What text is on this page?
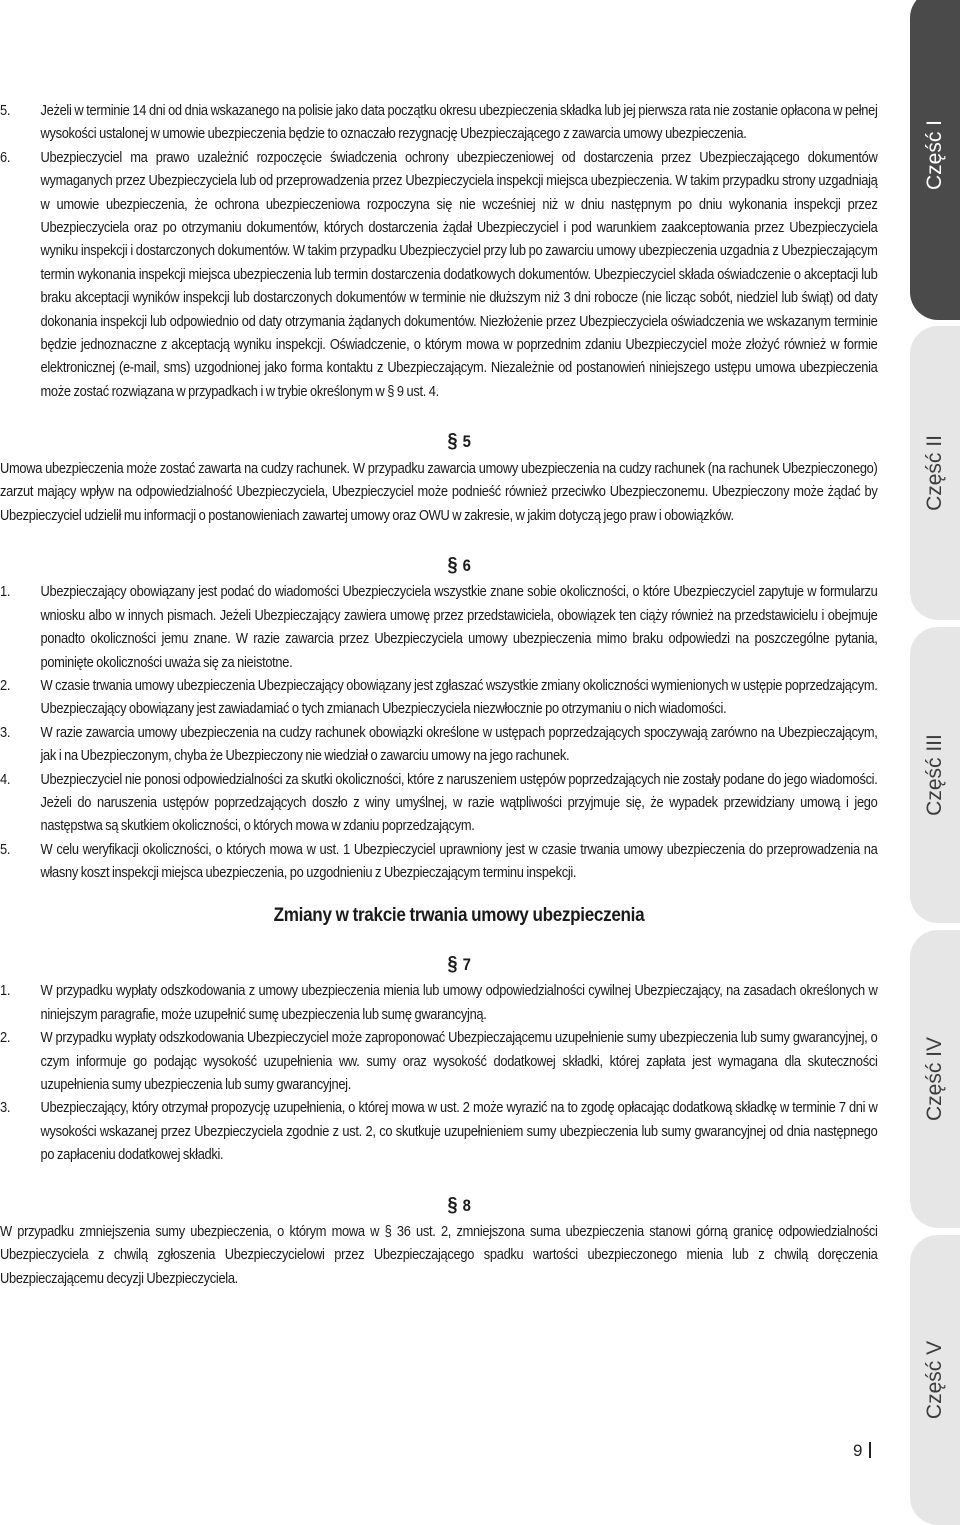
5. Jeżeli w terminie 14 dni od dnia wskazanego na polisie jako data początku okresu ubezpieczenia składka lub jej pierwsza rata nie zostanie opłacona w pełnej wysokości ustalonej w umowie ubezpieczenia będzie to oznaczało rezygnację Ubezpieczającego z zawarcia umowy ubezpieczenia.
6. Ubezpieczyciel ma prawo uzależnić rozpoczęcie świadczenia ochrony ubezpieczeniowej od dostarczenia przez Ubezpieczającego dokumentów wymaganych przez Ubezpieczyciela lub od przeprowadzenia przez Ubezpieczyciela inspekcji miejsca ubezpieczenia. W takim przypadku strony uzgadniają w umowie ubezpieczenia, że ochrona ubezpieczeniowa rozpoczyna się nie wcześniej niż w dniu następnym po dniu wykonania inspekcji przez Ubezpieczyciela oraz po otrzymaniu dokumentów, których dostarczenia żądał Ubezpieczyciel i pod warunkiem zaakceptowania przez Ubezpieczyciela wyniku inspekcji i dostarczonych dokumentów. W takim przypadku Ubezpieczyciel przy lub po zawarciu umowy ubezpieczenia uzgadnia z Ubezpieczającym termin wykonania inspekcji miejsca ubezpieczenia lub termin dostarczenia dodatkowych dokumentów. Ubezpieczyciel składa oświadczenie o akceptacji lub braku akceptacji wyników inspekcji lub dostarczonych dokumentów w terminie nie dłuższym niż 3 dni robocze (nie licząc sobót, niedziel lub świąt) od daty dokonania inspekcji lub odpowiednio od daty otrzymania żądanych dokumentów. Niezłożenie przez Ubezpieczyciela oświadczenia we wskazanym terminie będzie jednoznaczne z akceptacją wyniku inspekcji. Oświadczenie, o którym mowa w poprzednim zdaniu Ubezpieczyciel może złożyć również w formie elektronicznej (e-mail, sms) uzgodnionej jako forma kontaktu z Ubezpieczającym. Niezależnie od postanowień niniejszego ustępu umowa ubezpieczenia może zostać rozwiązana w przypadkach i w trybie określonym w § 9 ust. 4.
§ 5
Umowa ubezpieczenia może zostać zawarta na cudzy rachunek. W przypadku zawarcia umowy ubezpieczenia na cudzy rachunek (na rachunek Ubezpieczonego) zarzut mający wpływ na odpowiedzialność Ubezpieczyciela, Ubezpieczyciel może podnieść również przeciwko Ubezpieczonemu. Ubezpieczony może żądać by Ubezpieczyciel udzielił mu informacji o postanowieniach zawartej umowy oraz OWU w zakresie, w jakim dotyczą jego praw i obowiązków.
§ 6
1. Ubezpieczający obowiązany jest podać do wiadomości Ubezpieczyciela wszystkie znane sobie okoliczności, o które Ubezpieczyciel zapytuje w formularzu wniosku albo w innych pismach. Jeżeli Ubezpieczający zawiera umowę przez przedstawiciela, obowiązek ten ciąży również na przedstawicielu i obejmuje ponadto okoliczności jemu znane. W razie zawarcia przez Ubezpieczyciela umowy ubezpieczenia mimo braku odpowiedzi na poszczególne pytania, pominięte okoliczności uważa się za nieistotne.
2. W czasie trwania umowy ubezpieczenia Ubezpieczający obowiązany jest zgłaszać wszystkie zmiany okoliczności wymienionych w ustępie poprzedzającym. Ubezpieczający obowiązany jest zawiadamiać o tych zmianach Ubezpieczyciela niezwłocznie po otrzymaniu o nich wiadomości.
3. W razie zawarcia umowy ubezpieczenia na cudzy rachunek obowiązki określone w ustępach poprzedzających spoczywają zarówno na Ubezpieczającym, jak i na Ubezpieczonym, chyba że Ubezpieczony nie wiedział o zawarciu umowy na jego rachunek.
4. Ubezpieczyciel nie ponosi odpowiedzialności za skutki okoliczności, które z naruszeniem ustępów poprzedzających nie zostały podane do jego wiadomości. Jeżeli do naruszenia ustępów poprzedzających doszło z winy umyślnej, w razie wątpliwości przyjmuje się, że wypadek przewidziany umową i jego następstwa są skutkiem okoliczności, o których mowa w zdaniu poprzedzającym.
5. W celu weryfikacji okoliczności, o których mowa w ust. 1 Ubezpieczyciel uprawniony jest w czasie trwania umowy ubezpieczenia do przeprowadzenia na własny koszt inspekcji miejsca ubezpieczenia, po uzgodnieniu z Ubezpieczającym terminu inspekcji.
Zmiany w trakcie trwania umowy ubezpieczenia
§ 7
1. W przypadku wypłaty odszkodowania z umowy ubezpieczenia mienia lub umowy odpowiedzialności cywilnej Ubezpieczający, na zasadach określonych w niniejszym paragrafie, może uzupełnić sumę ubezpieczenia lub sumę gwarancyjną.
2. W przypadku wypłaty odszkodowania Ubezpieczyciel może zaproponować Ubezpieczającemu uzupełnienie sumy ubezpieczenia lub sumy gwarancyjnej, o czym informuje go podając wysokość uzupełnienia ww. sumy oraz wysokość dodatkowej składki, której zapłata jest wymagana dla skuteczności uzupełnienia sumy ubezpieczenia lub sumy gwarancyjnej.
3. Ubezpieczający, który otrzymał propozycję uzupełnienia, o której mowa w ust. 2 może wyrazić na to zgodę opłacając dodatkową składkę w terminie 7 dni w wysokości wskazanej przez Ubezpieczyciela zgodnie z ust. 2, co skutkuje uzupełnieniem sumy ubezpieczenia lub sumy gwarancyjnej od dnia następnego po zapłaceniu dodatkowej składki.
§ 8
W przypadku zmniejszenia sumy ubezpieczenia, o którym mowa w § 36 ust. 2, zmniejszona suma ubezpieczenia stanowi górną granicę odpowiedzialności Ubezpieczyciela z chwilą zgłoszenia Ubezpieczycielowi przez Ubezpieczającego spadku wartości ubezpieczonego mienia lub z chwilą doręczenia Ubezpieczającemu decyzji Ubezpieczyciela.
Część I
Część II
Część III
Część IV
Część V
9
